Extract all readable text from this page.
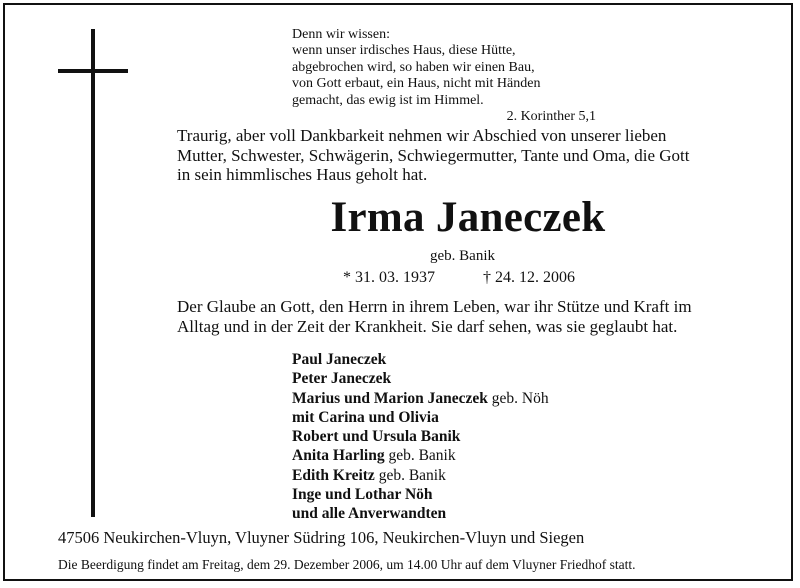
Denn wir wissen:
wenn unser irdisches Haus, diese Hütte,
abgebrochen wird, so haben wir einen Bau,
von Gott erbaut, ein Haus, nicht mit Händen
gemacht, das ewig ist im Himmel.
2. Korinther 5,1
Traurig, aber voll Dankbarkeit nehmen wir Abschied von unserer lieben
Mutter, Schwester, Schwägerin, Schwiegermutter, Tante und Oma, die Gott
in sein himmlisches Haus geholt hat.
Irma Janeczek
geb. Banik
* 31. 03. 1937	† 24. 12. 2006
Der Glaube an Gott, den Herrn in ihrem Leben, war ihr Stütze und Kraft im
Alltag und in der Zeit der Krankheit. Sie darf sehen, was sie geglaubt hat.
Paul Janeczek
Peter Janeczek
Marius und Marion Janeczek geb. Nöh
mit Carina und Olivia
Robert und Ursula Banik
Anita Harling geb. Banik
Edith Kreitz geb. Banik
Inge und Lothar Nöh
und alle Anverwandten
47506 Neukirchen-Vluyn, Vluyner Südring 106, Neukirchen-Vluyn und Siegen
Die Beerdigung findet am Freitag, dem 29. Dezember 2006, um 14.00 Uhr auf dem Vluyner Friedhof statt.
